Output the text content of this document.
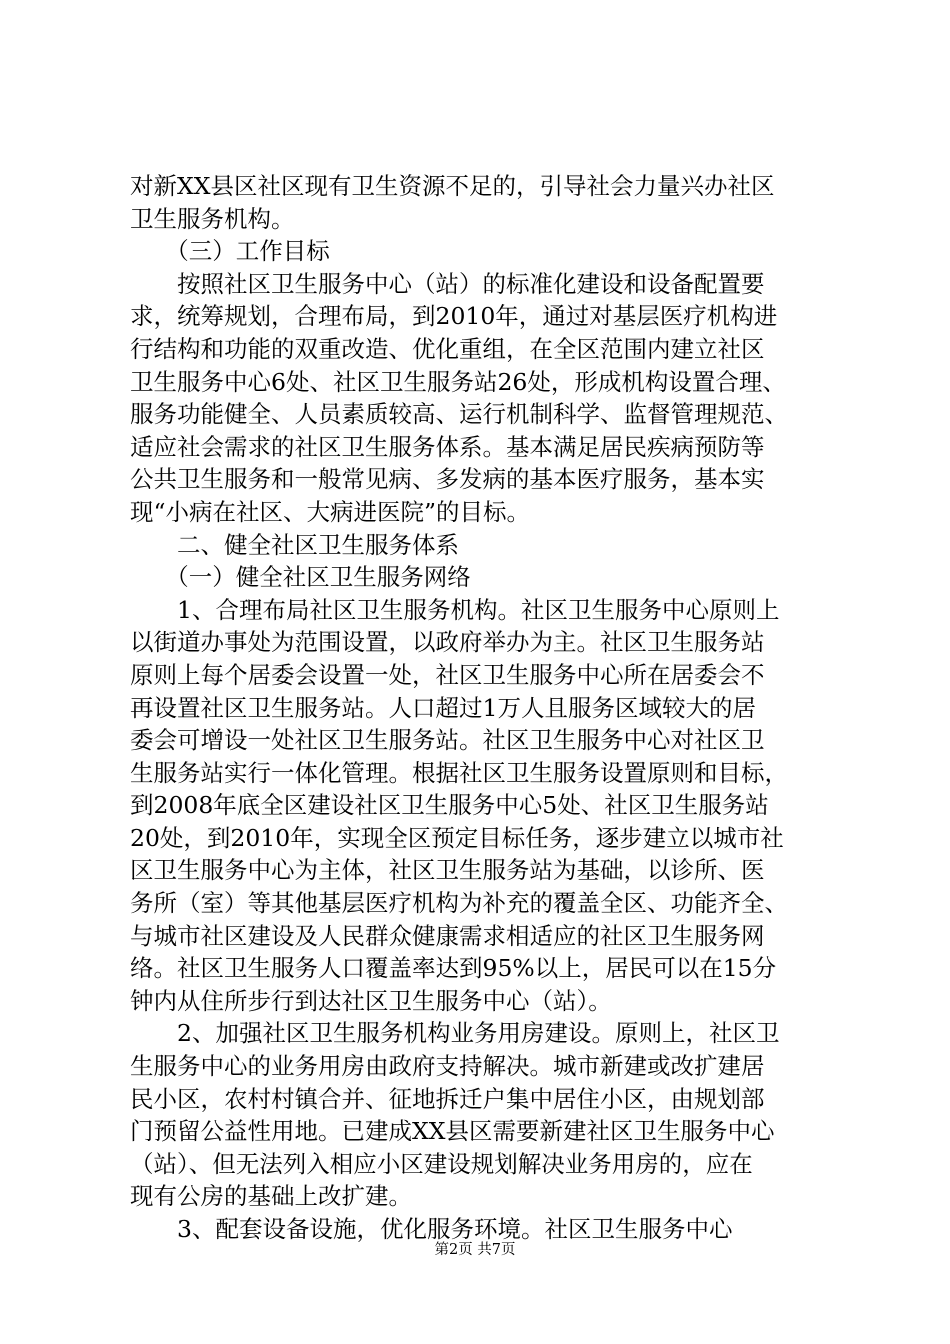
对新XX县区社区现有卫生资源不足的，引导社会力量兴办社区
卫生服务机构。
　　（三）工作目标
　　按照社区卫生服务中心（站）的标准化建设和设备配置要
求，统筹规划，合理布局，到2010年，通过对基层医疗机构进
行结构和功能的双重改造、优化重组，在全区范围内建立社区
卫生服务中心6处、社区卫生服务站26处，形成机构设置合理、
服务功能健全、人员素质较高、运行机制科学、监督管理规范、
适应社会需求的社区卫生服务体系。基本满足居民疾病预防等
公共卫生服务和一般常见病、多发病的基本医疗服务，基本实
现“小病在社区、大病进医院”的目标。
　　二、健全社区卫生服务体系
　　（一）健全社区卫生服务网络
　　1、合理布局社区卫生服务机构。社区卫生服务中心原则上
以街道办事处为范围设置，以政府举办为主。社区卫生服务站
原则上每个居委会设置一处，社区卫生服务中心所在居委会不
再设置社区卫生服务站。人口超过1万人且服务区域较大的居
委会可增设一处社区卫生服务站。社区卫生服务中心对社区卫
生服务站实行一体化管理。根据社区卫生服务设置原则和目标，
到2008年底全区建设社区卫生服务中心5处、社区卫生服务站
20处，到2010年，实现全区预定目标任务，逐步建立以城市社
区卫生服务中心为主体，社区卫生服务站为基础，以诊所、医
务所（室）等其他基层医疗机构为补充的覆盖全区、功能齐全、
与城市社区建设及人民群众健康需求相适应的社区卫生服务网
络。社区卫生服务人口覆盖率达到95%以上，居民可以在15分
钟内从住所步行到达社区卫生服务中心（站）。
　　2、加强社区卫生服务机构业务用房建设。原则上，社区卫
生服务中心的业务用房由政府支持解决。城市新建或改扩建居
民小区，农村村镇合并、征地拆迁户集中居住小区，由规划部
门预留公益性用地。已建成XX县区需要新建社区卫生服务中心
（站）、但无法列入相应小区建设规划解决业务用房的，应在
现有公房的基础上改扩建。
　　3、配套设备设施，优化服务环境。社区卫生服务中心
第2页 共7页
